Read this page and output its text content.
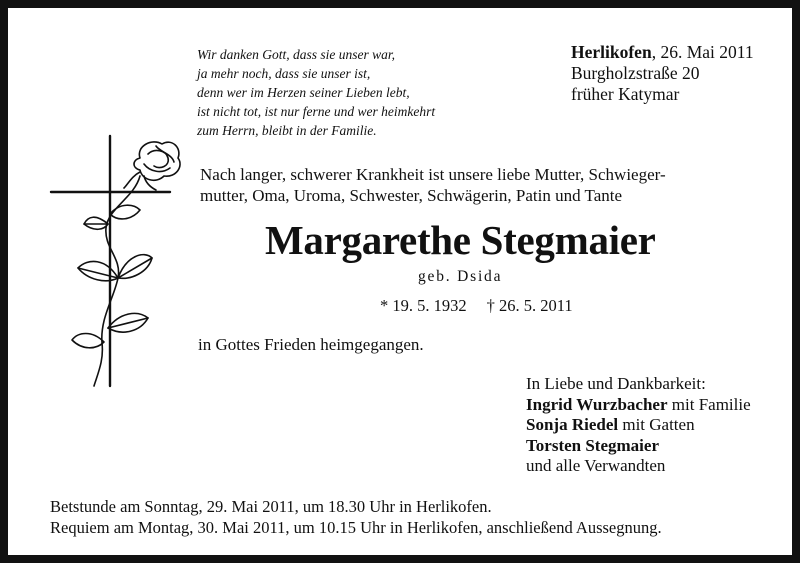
Wir danken Gott, dass sie unser war,
ja mehr noch, dass sie unser ist,
denn wer im Herzen seiner Lieben lebt,
ist nicht tot, ist nur ferne und wer heimkehrt
zum Herrn, bleibt in der Familie.
Herlikofen, 26. Mai 2011
Burgholzstraße 20
früher Katymar
Nach langer, schwerer Krankheit ist unsere liebe Mutter, Schwieger-
mutter, Oma, Uroma, Schwester, Schwägerin, Patin und Tante
Margarethe Stegmaier
geb. Dsida
* 19. 5. 1932 † 26. 5. 2011
in Gottes Frieden heimgegangen.
In Liebe und Dankbarkeit:
Ingrid Wurzbacher mit Familie
Sonja Riedel mit Gatten
Torsten Stegmaier
und alle Verwandten
Betstunde am Sonntag, 29. Mai 2011, um 18.30 Uhr in Herlikofen.
Requiem am Montag, 30. Mai 2011, um 10.15 Uhr in Herlikofen, anschließend Aussegnung.
